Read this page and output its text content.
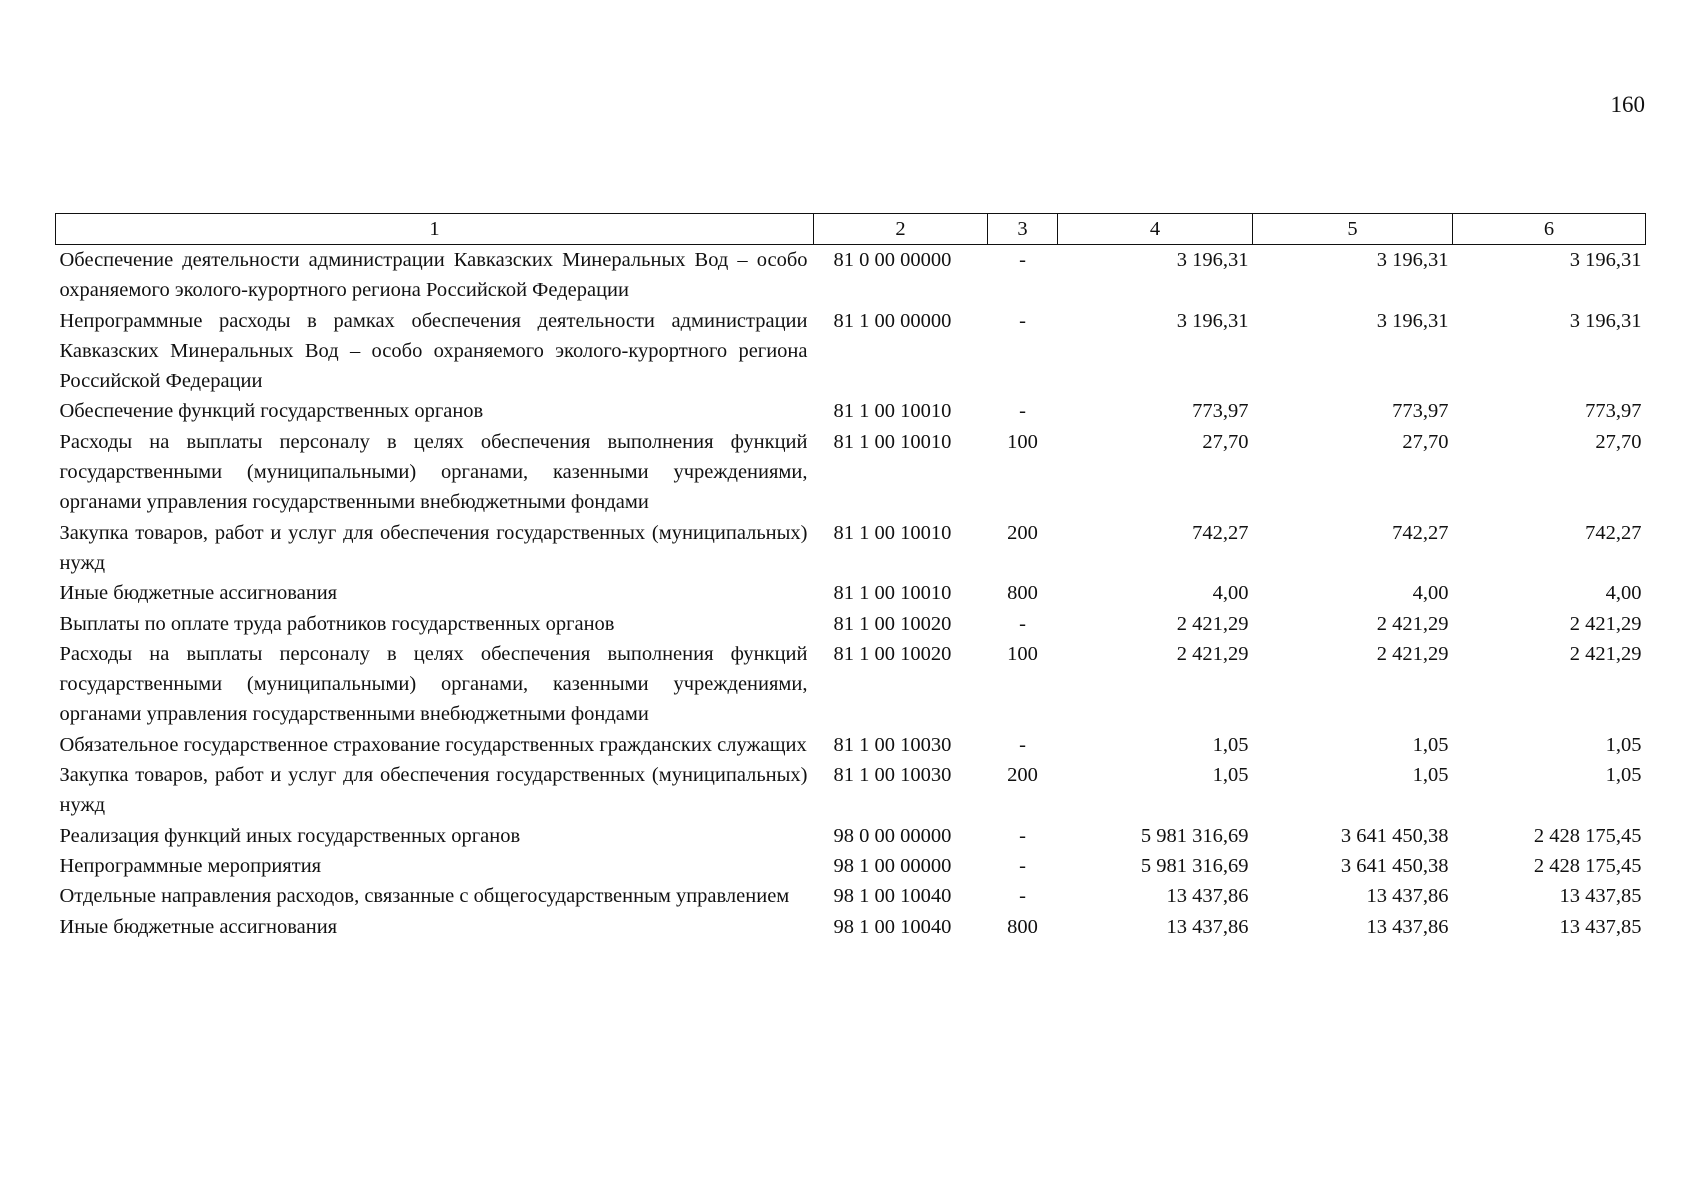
160
1	2	3	4	5	6
Обеспечение деятельности администрации Кавказских Минеральных Вод – особо охраняемого эколого-курортного региона Российской Федерации	81 0 00 00000	-	3 196,31	3 196,31	3 196,31
Непрограммные расходы в рамках обеспечения деятельности администрации Кавказских Минеральных Вод – особо охраняемого эколого-курортного региона Российской Федерации	81 1 00 00000	-	3 196,31	3 196,31	3 196,31
Обеспечение функций государственных органов	81 1 00 10010	-	773,97	773,97	773,97
Расходы на выплаты персоналу в целях обеспечения выполнения функций государственными (муниципальными) органами, казенными учреждениями, органами управления государственными внебюджетными фондами	81 1 00 10010	100	27,70	27,70	27,70
Закупка товаров, работ и услуг для обеспечения государственных (муниципальных) нужд	81 1 00 10010	200	742,27	742,27	742,27
Иные бюджетные ассигнования	81 1 00 10010	800	4,00	4,00	4,00
Выплаты по оплате труда работников государственных органов	81 1 00 10020	-	2 421,29	2 421,29	2 421,29
Расходы на выплаты персоналу в целях обеспечения выполнения функций государственными (муниципальными) органами, казенными учреждениями, органами управления государственными внебюджетными фондами	81 1 00 10020	100	2 421,29	2 421,29	2 421,29
Обязательное государственное страхование государственных гражданских служащих	81 1 00 10030	-	1,05	1,05	1,05
Закупка товаров, работ и услуг для обеспечения государственных (муниципальных) нужд	81 1 00 10030	200	1,05	1,05	1,05
Реализация функций иных государственных органов	98 0 00 00000	-	5 981 316,69	3 641 450,38	2 428 175,45
Непрограммные мероприятия	98 1 00 00000	-	5 981 316,69	3 641 450,38	2 428 175,45
Отдельные направления расходов, связанные с общегосударственным управлением	98 1 00 10040	-	13 437,86	13 437,86	13 437,85
Иные бюджетные ассигнования	98 1 00 10040	800	13 437,86	13 437,86	13 437,85
